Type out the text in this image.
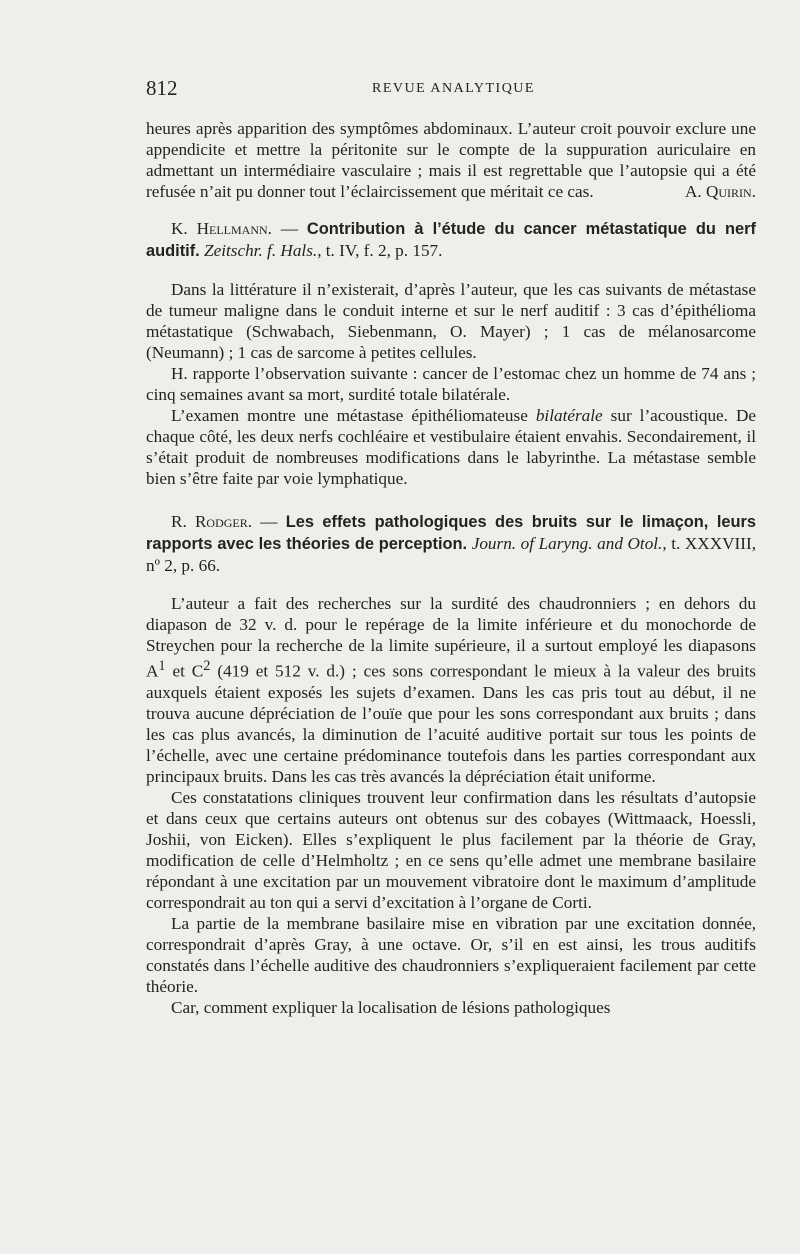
812	REVUE ANALYTIQUE

heures après apparition des symptômes abdominaux. L’auteur croit pouvoir exclure une appendicite et mettre la péritonite sur le compte de la suppuration auriculaire en admettant un intermédiaire vasculaire ; mais il est regrettable que l’autopsie qui a été refusée n’ait pu donner tout l’éclaircissement que méritait ce cas.	A. Quirin.

K. Hellmann. — Contribution à l’étude du cancer métastatique du nerf auditif. Zeitschr. f. Hals., t. IV, f. 2, p. 157.

Dans la littérature il n’existerait, d’après l’auteur, que les cas suivants de métastase de tumeur maligne dans le conduit interne et sur le nerf auditif : 3 cas d’épithélioma métastatique (Schwabach, Siebenmann, O. Mayer) ; 1 cas de mélanosarcome (Neumann) ; 1 cas de sarcome à petites cellules.

H. rapporte l’observation suivante : cancer de l’estomac chez un homme de 74 ans ; cinq semaines avant sa mort, surdité totale bilatérale.

L’examen montre une métastase épithéliomateuse bilatérale sur l’acoustique. De chaque côté, les deux nerfs cochléaire et vestibulaire étaient envahis. Secondairement, il s’était produit de nombreuses modifications dans le labyrinthe. La métastase semble bien s’être faite par voie lymphatique.

R. Rodger. — Les effets pathologiques des bruits sur le limaçon, leurs rapports avec les théories de perception. Journ. of Laryng. and Otol., t. XXXVIII, nº 2, p. 66.

L’auteur a fait des recherches sur la surdité des chaudronniers ; en dehors du diapason de 32 v. d. pour le repérage de la limite inférieure et du monochorde de Streychen pour la recherche de la limite supérieure, il a surtout employé les diapasons $A^1$ et $C^2$ (419 et 512 v. d.) ; ces sons correspondant le mieux à la valeur des bruits auxquels étaient exposés les sujets d’examen. Dans les cas pris tout au début, il ne trouva aucune dépréciation de l’ouïe que pour les sons correspondant aux bruits ; dans les cas plus avancés, la diminution de l’acuité auditive portait sur tous les points de l’échelle, avec une certaine prédominance toutefois dans les parties correspondant aux principaux bruits. Dans les cas très avancés la dépréciation était uniforme.

Ces constatations cliniques trouvent leur confirmation dans les résultats d’autopsie et dans ceux que certains auteurs ont obtenus sur des cobayes (Wittmaack, Hoessli, Joshii, von Eicken). Elles s’expliquent le plus facilement par la théorie de Gray, modification de celle d’Helmholtz ; en ce sens qu’elle admet une membrane basilaire répondant à une excitation par un mouvement vibratoire dont le maximum d’amplitude correspondrait au ton qui a servi d’excitation à l’organe de Corti.

La partie de la membrane basilaire mise en vibration par une excitation donnée, correspondrait d’après Gray, à une octave. Or, s’il en est ainsi, les trous auditifs constatés dans l’échelle auditive des chaudronniers s’expliqueraient facilement par cette théorie.

Car, comment expliquer la localisation de lésions pathologiques
